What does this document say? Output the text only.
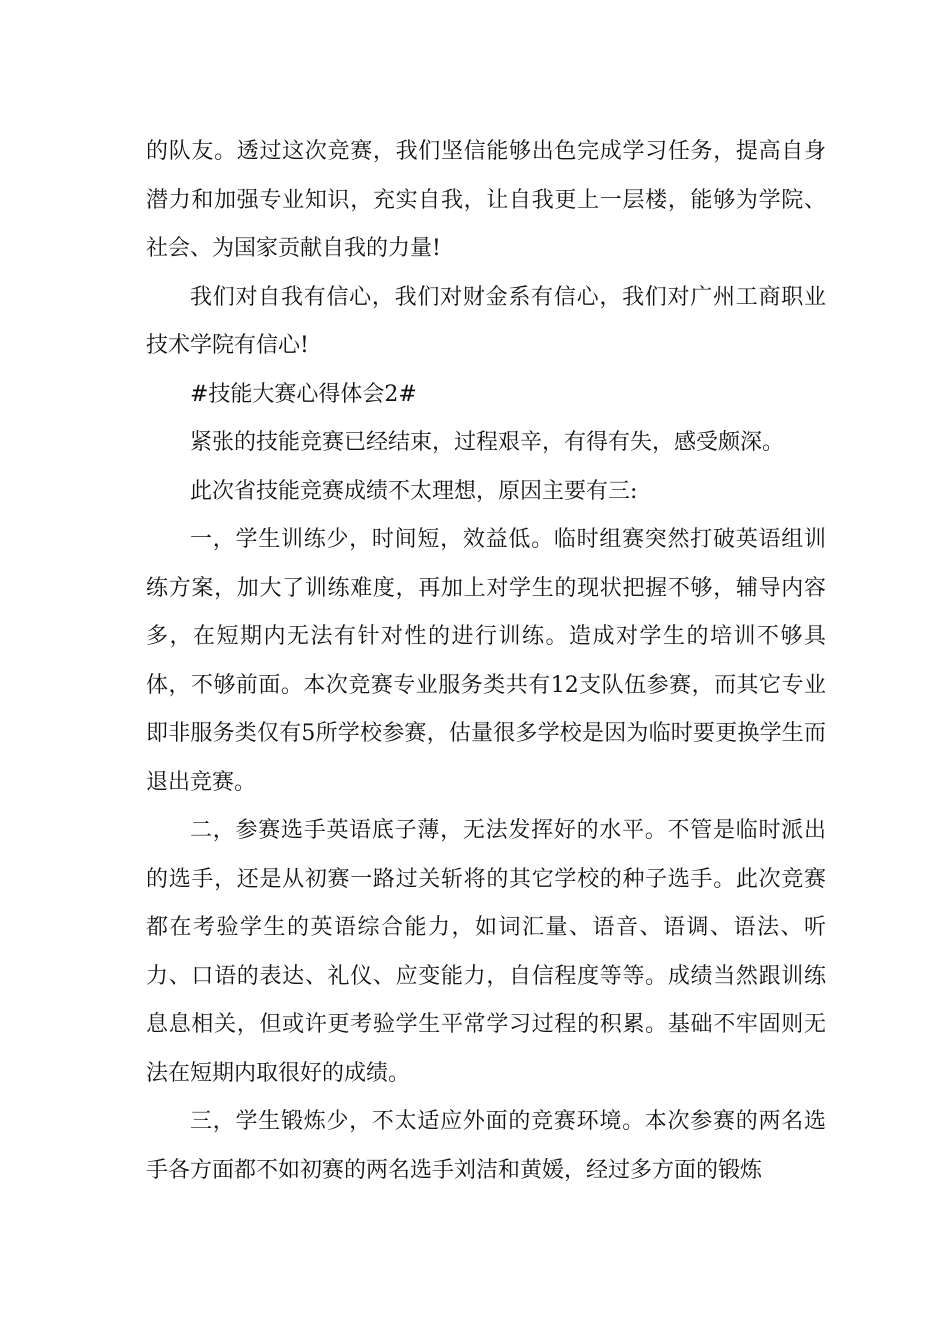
的队友。透过这次竞赛，我们坚信能够出色完成学习任务，提高自身潜力和加强专业知识，充实自我，让自我更上一层楼，能够为学院、社会、为国家贡献自我的力量!

我们对自我有信心，我们对财金系有信心，我们对广州工商职业技术学院有信心!

#技能大赛心得体会2#

紧张的技能竞赛已经结束，过程艰辛，有得有失，感受颇深。

此次省技能竞赛成绩不太理想，原因主要有三:

一，学生训练少，时间短，效益低。临时组赛突然打破英语组训练方案，加大了训练难度，再加上对学生的现状把握不够，辅导内容多，在短期内无法有针对性的进行训练。造成对学生的培训不够具体，不够前面。本次竞赛专业服务类共有12支队伍参赛，而其它专业即非服务类仅有5所学校参赛，估量很多学校是因为临时要更换学生而退出竞赛。

二，参赛选手英语底子薄，无法发挥好的水平。不管是临时派出的选手，还是从初赛一路过关斩将的其它学校的种子选手。此次竞赛都在考验学生的英语综合能力，如词汇量、语音、语调、语法、听力、口语的表达、礼仪、应变能力，自信程度等等。成绩当然跟训练息息相关，但或许更考验学生平常学习过程的积累。基础不牢固则无法在短期内取很好的成绩。

三，学生锻炼少，不太适应外面的竞赛环境。本次参赛的两名选手各方面都不如初赛的两名选手刘洁和黄媛，经过多方面的锻炼
